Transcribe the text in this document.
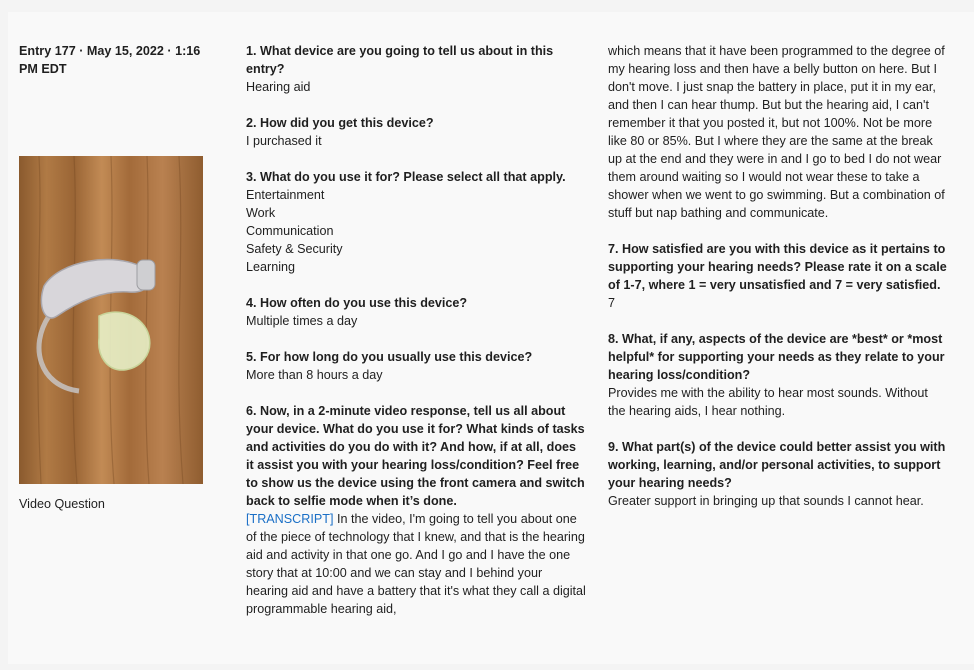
Entry 177 · May 15, 2022 · 1:16 PM EDT

Video Question

1. What device are you going to tell us about in this entry?

Hearing aid

2. How did you get this device?

I purchased it

3. What do you use it for? Please select all that apply.

Entertainment

Work

Communication

Safety & Security

Learning

4. How often do you use this device?

Multiple times a day

5. For how long do you usually use this device?

More than 8 hours a day

6. Now, in a 2-minute video response, tell us all about your device. What do you use it for? What kinds of tasks and activities do you do with it? And how, if at all, does it assist you with your hearing loss/condition? Feel free to show us the device using the front camera and switch back to selfie mode when it’s done.

[TRANSCRIPT] In the video, I'm going to tell you about one of the piece of technology that I knew, and that is the hearing aid and activity in that one go. And I go and I have the one story that at 10:00 and we can stay and I behind your hearing aid and have a battery that it's what they call a digital programmable hearing aid,

which means that it have been programmed to the degree of my hearing loss and then have a belly button on here. But I don't move. I just snap the battery in place, put it in my ear, and then I can hear thump. But but the hearing aid, I can't remember it that you posted it, but not 100%. Not be more like 80 or 85%. But I where they are the same at the break up at the end and they were in and I go to bed I do not wear them around waiting so I would not wear these to take a shower when we went to go swimming. But a combination of stuff but nap bathing and communicate.

7. How satisfied are you with this device as it pertains to supporting your hearing needs? Please rate it on a scale of 1-7, where 1 = very unsatisfied and 7 = very satisfied.

7

8. What, if any, aspects of the device are *best* or *most helpful* for supporting your needs as they relate to your hearing loss/condition?

Provides me with the ability to hear most sounds. Without the hearing aids, I hear nothing.

9. What part(s) of the device could better assist you with working, learning, and/or personal activities, to support your hearing needs?

Greater support in bringing up that sounds I cannot hear.
